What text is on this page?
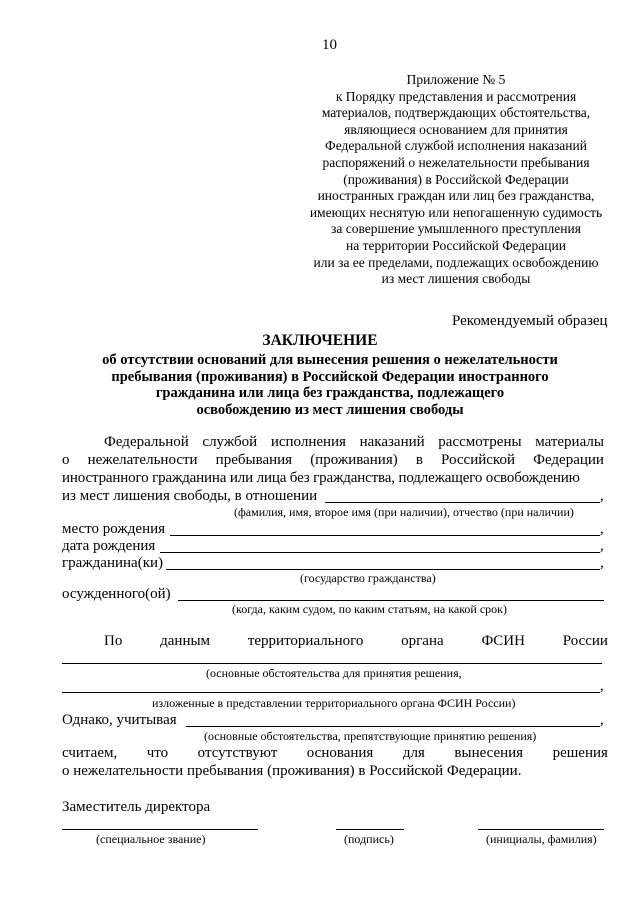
10
Приложение № 5
к Порядку представления и рассмотрения
материалов, подтверждающих обстоятельства,
являющиеся основанием для принятия
Федеральной службой исполнения наказаний
распоряжений о нежелательности пребывания
(проживания) в Российской Федерации
иностранных граждан или лиц без гражданства,
имеющих неснятую или непогашенную судимость
за совершение умышленного преступления
на территории Российской Федерации
или за ее пределами, подлежащих освобождению
из мест лишения свободы
Рекомендуемый образец
ЗАКЛЮЧЕНИЕ
об отсутствии оснований для вынесения решения о нежелательности
пребывания (проживания) в Российской Федерации иностранного
гражданина или лица без гражданства, подлежащего
освобождению из мест лишения свободы
Федеральной службой исполнения наказаний рассмотрены материалы
о нежелательности пребывания (проживания) в Российской Федерации
иностранного гражданина или лица без гражданства, подлежащего освобождению
из мест лишения свободы, в отношении	,
(фамилия, имя, второе имя (при наличии), отчество (при наличии)
место рождения	,
дата рождения	,
гражданина(ки)	,
(государство гражданства)
осужденного(ой)
(когда, каким судом, по каким статьям, на какой срок)
По	данным	территориального	органа	ФСИН	России
(основные обстоятельства для принятия решения,
,
изложенные в представлении территориального органа ФСИН России)
Однако, учитывая	,
(основные обстоятельства, препятствующие принятию решения)
считаем, что отсутствуют основания для вынесения решения
о нежелательности пребывания (проживания) в Российской Федерации.
Заместитель директора
(специальное звание)	(подпись)	(инициалы, фамилия)
